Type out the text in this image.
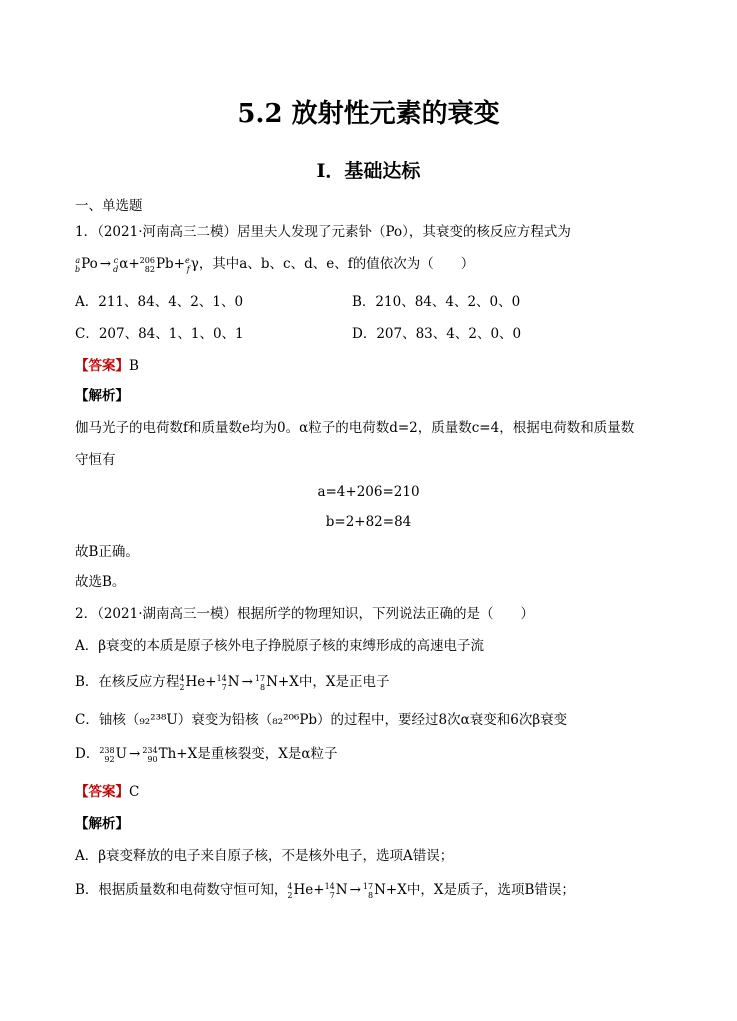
5.2 放射性元素的衰变
Ⅰ．基础达标
一、单选题
1．（2021·河南高三二模）居里夫人发现了元素钋（Po），其衰变的核反应方程式为
a
b Po → c
d α+ 206
82 Pb+ e
f γ，其中a、b、c、d、e、f的值依次为（　　）
A．211、84、4、2、1、0	B．210、84、4、2、0、0
C．207、84、1、1、0、1	D．207、83、4、2、0、0
【答案】B
【解析】
伽马光子的电荷数f和质量数e均为0。α粒子的电荷数d=2，质量数c=4，根据电荷数和质量数
守恒有
a=4+206=210
b=2+82=84
故B正确。
故选B。
2．（2021·湖南高三一模）根据所学的物理知识，下列说法正确的是（　　）
A．β衰变的本质是原子核外电子挣脱原子核的束缚形成的高速电子流
B．在核反应方程 4
2 He+ 14
7 N → 17
8 N+X中，X是正电子
C．铀核（₉₂²³⁸U）衰变为铅核（₈₂²⁰⁶Pb）的过程中，要经过8次α衰变和6次β衰变
D． 238
92 U → 234
90 Th+X是重核裂变，X是α粒子
【答案】C
【解析】
A．β衰变释放的电子来自原子核，不是核外电子，选项A错误；
B．根据质量数和电荷数守恒可知， 4
2 He+ 14
7 N → 17
8 N+X中，X是质子，选项B错误；
